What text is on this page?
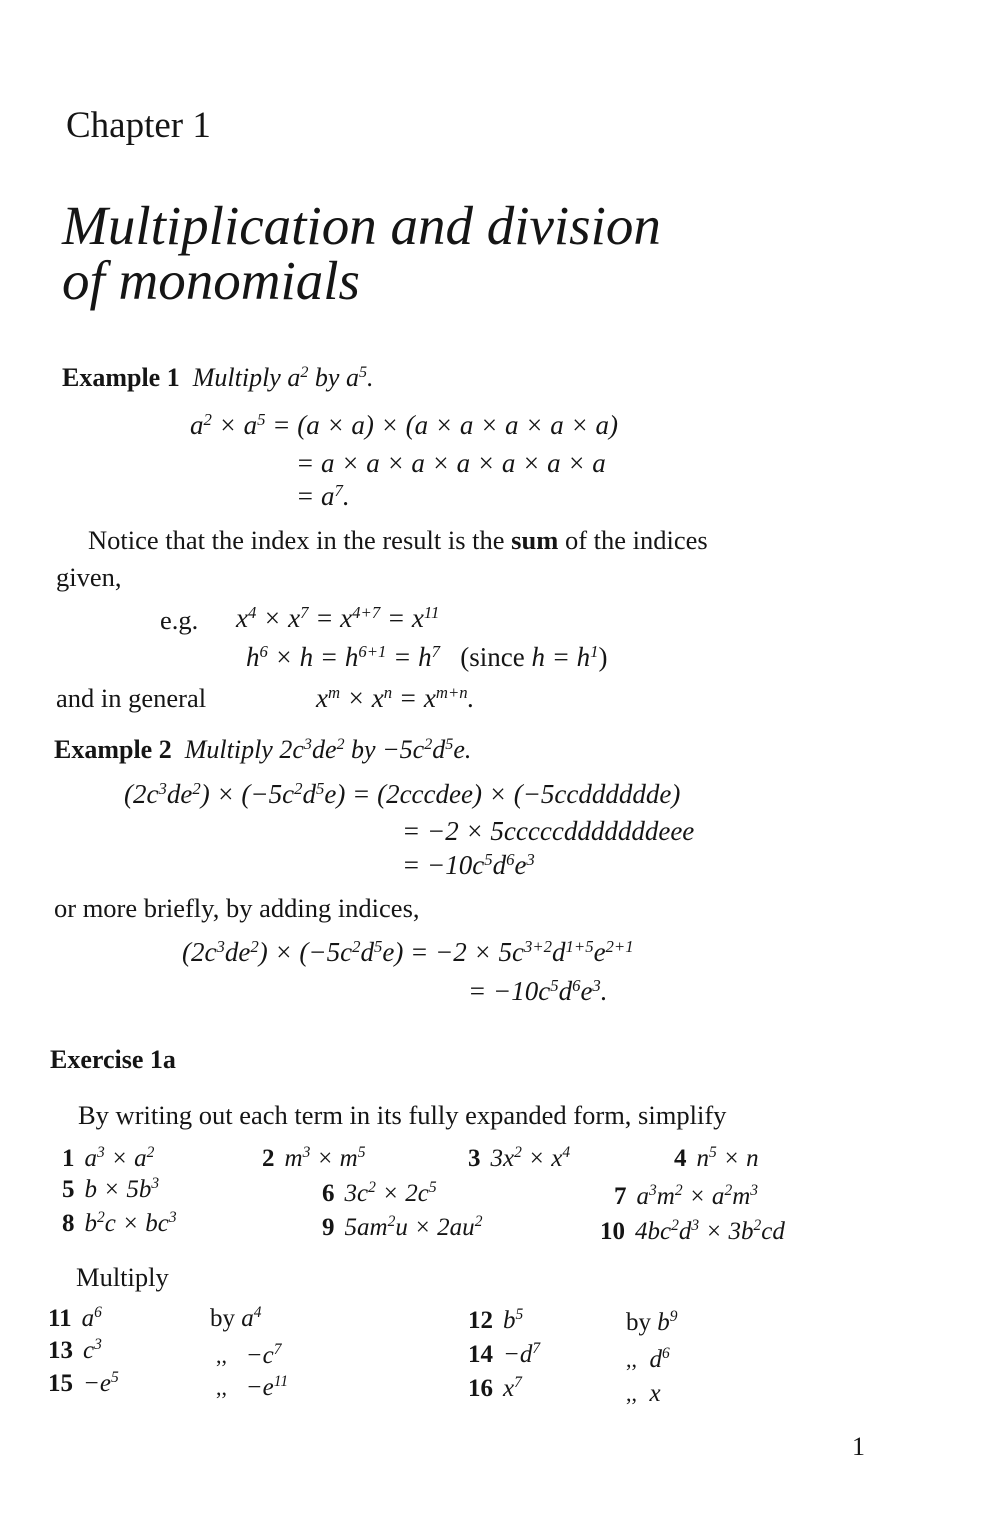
Chapter 1
Multiplication and division
of monomials
Example 1 Multiply $a^2$ by $a^5$.
$a^2 \times a^5 = (a \times a) \times (a \times a \times a \times a \times a)$
= a × a × a × a × a × a × a
= $a^7$.
Notice that the index in the result is the sum of the indices
given,
e.g. $x^4 \times x^7 = x^{4+7} = x^{11}$
$h^6 \times h = h^{6+1} = h^7$   (since $h = h^1$)
and in general	$x^m \times x^n = x^{m+n}$.
Example 2 Multiply $2c^3de^2$ by $-5c^2d^5e$.
$(2c^3de^2) \times (-5c^2d^5e)$ = (2cccdee) × (−5ccdddddde)
= −2 × 5cccccdddddddeee
= $-10c^5d^6e^3$
or more briefly, by adding indices,
$(2c^3de^2) \times (-5c^2d^5e) = -2 \times 5c^{3+2}d^{1+5}e^{2+1}$
= $-10c^5d^6e^3$.
Exercise 1a
By writing out each term in its fully expanded form, simplify
1 $a^3 \times a^2$	2 $m^3 \times m^5$	3 $3x^2 \times x^4$	4 $n^5 \times n$
5 $b \times 5b^3$	6 $3c^2 \times 2c^5$	7 $a^3m^2 \times a^2m^3$
8 $b^2c \times bc^3$	9 $5am^2u \times 2au^2$	10 $4bc^2d^3 \times 3b^2cd$
Multiply
11 $a^6$	by $a^4$	12 $b^5$	by $b^9$
13 $c^3$	,, $-c^7$	$14 -d^7$	,, $d^6$
$15 -e^5$	,, $-e^{11}$	16 $x^7$	,, x
1
